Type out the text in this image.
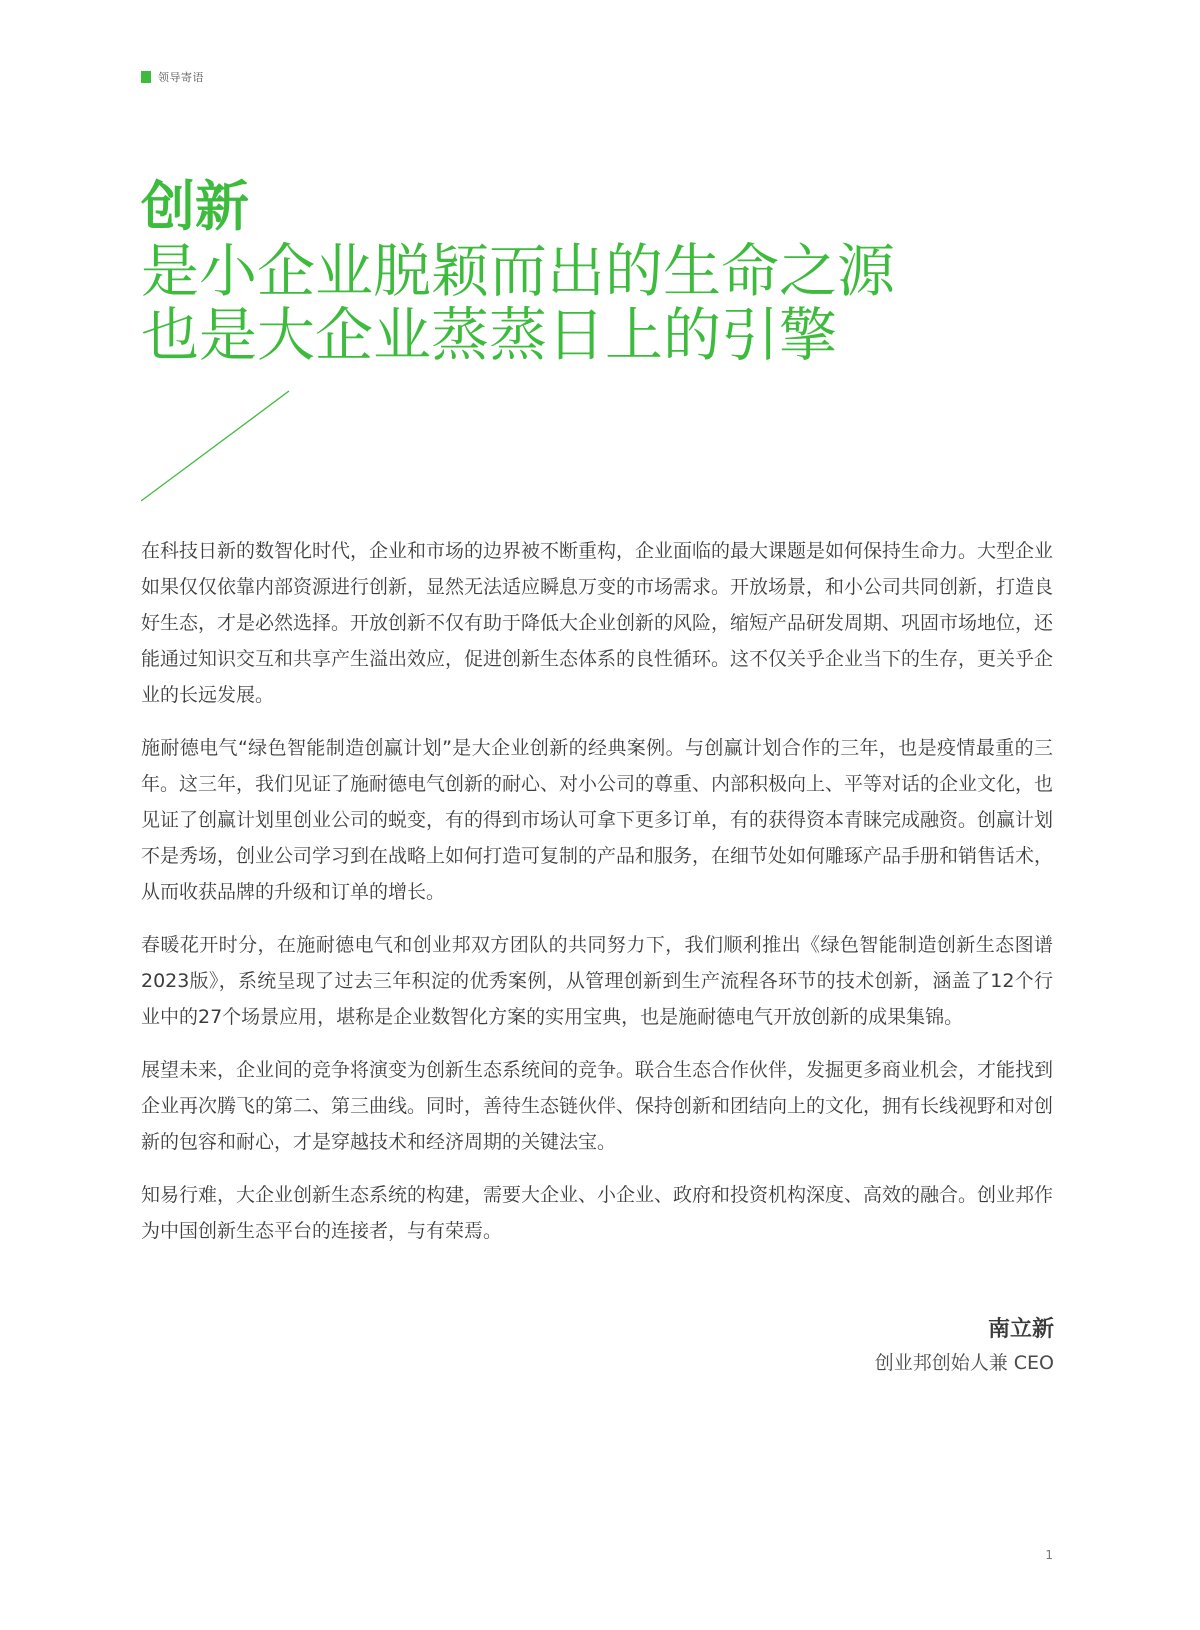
领导寄语
创新
是小企业脱颖而出的生命之源
也是大企业蒸蒸日上的引擎

在科技日新的数智化时代，企业和市场的边界被不断重构，企业面临的最大课题是如何保持生命力。大型企业如果仅仅依靠内部资源进行创新，显然无法适应瞬息万变的市场需求。开放场景，和小公司共同创新，打造良好生态，才是必然选择。开放创新不仅有助于降低大企业创新的风险，缩短产品研发周期、巩固市场地位，还能通过知识交互和共享产生溢出效应，促进创新生态体系的良性循环。这不仅关乎企业当下的生存，更关乎企业的长远发展。

施耐德电气“绿色智能制造创赢计划”是大企业创新的经典案例。与创赢计划合作的三年，也是疫情最重的三年。这三年，我们见证了施耐德电气创新的耐心、对小公司的尊重、内部积极向上、平等对话的企业文化，也见证了创赢计划里创业公司的蜕变，有的得到市场认可拿下更多订单，有的获得资本青睐完成融资。创赢计划不是秀场，创业公司学习到在战略上如何打造可复制的产品和服务，在细节处如何雕琢产品手册和销售话术，从而收获品牌的升级和订单的增长。

春暖花开时分，在施耐德电气和创业邦双方团队的共同努力下，我们顺利推出《绿色智能制造创新生态图谱2023版》，系统呈现了过去三年积淀的优秀案例，从管理创新到生产流程各环节的技术创新，涵盖了12个行业中的27个场景应用，堪称是企业数智化方案的实用宝典，也是施耐德电气开放创新的成果集锦。

展望未来，企业间的竞争将演变为创新生态系统间的竞争。联合生态合作伙伴，发掘更多商业机会，才能找到企业再次腾飞的第二、第三曲线。同时，善待生态链伙伴、保持创新和团结向上的文化，拥有长线视野和对创新的包容和耐心，才是穿越技术和经济周期的关键法宝。

知易行难，大企业创新生态系统的构建，需要大企业、小企业、政府和投资机构深度、高效的融合。创业邦作为中国创新生态平台的连接者，与有荣焉。

南立新
创业邦创始人兼 CEO
1
